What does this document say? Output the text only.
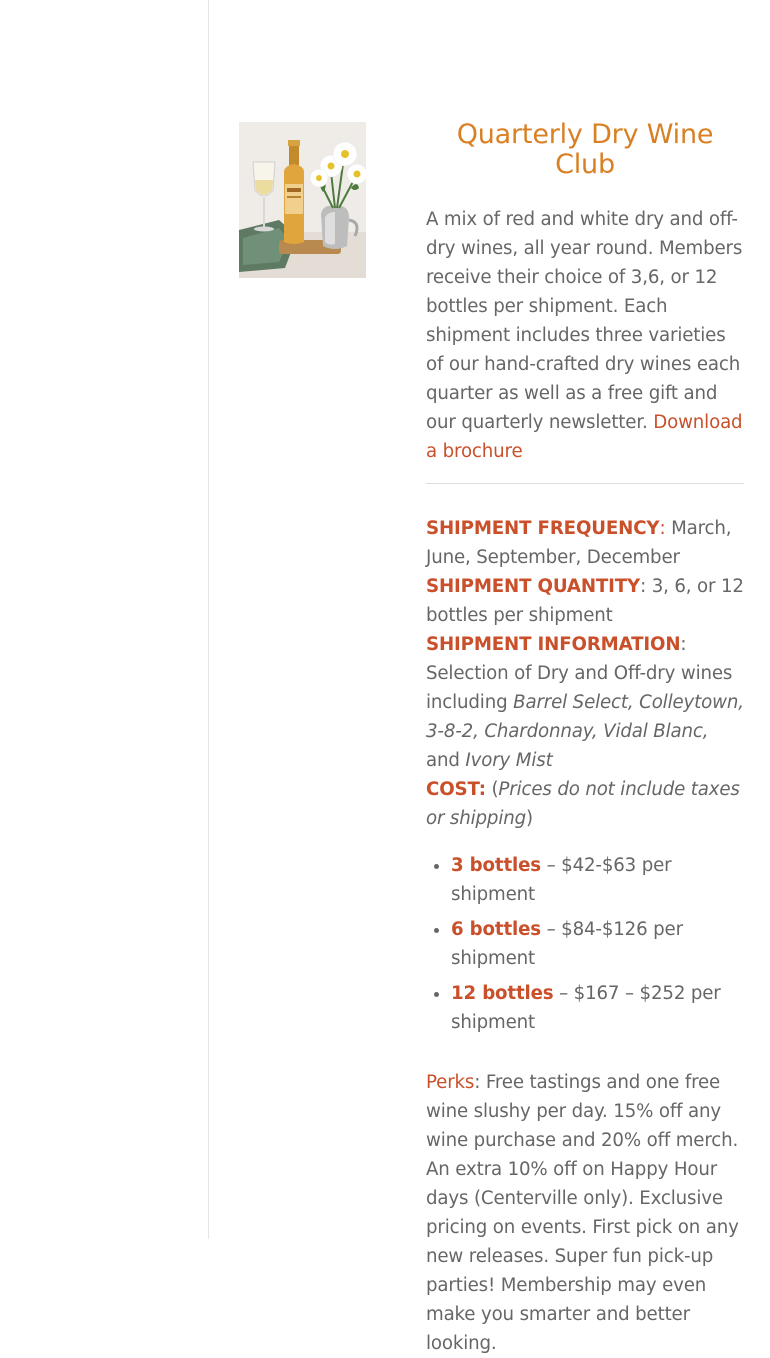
Quarterly Dry Wine Club

A mix of red and white dry and off-dry wines, all year round. Members receive their choice of 3,6, or 12 bottles per shipment. Each shipment includes three varieties of our hand-crafted dry wines each quarter as well as a free gift and our quarterly newsletter. Download a brochure

SHIPMENT FREQUENCY: March, June, September, December
SHIPMENT QUANTITY: 3, 6, or 12 bottles per shipment
SHIPMENT INFORMATION: Selection of Dry and Off-dry wines including Barrel Select, Colleytown, 3-8-2, Chardonnay, Vidal Blanc, and Ivory Mist
COST: (Prices do not include taxes or shipping)

• 3 bottles – $42-$63 per shipment
• 6 bottles – $84-$126 per shipment
• 12 bottles – $167 – $252 per shipment

Perks: Free tastings and one free wine slushy per day. 15% off any wine purchase and 20% off merch. An extra 10% off on Happy Hour days (Centerville only). Exclusive pricing on events. First pick on any new releases. Super fun pick-up parties! Membership may even make you smarter and better looking.
